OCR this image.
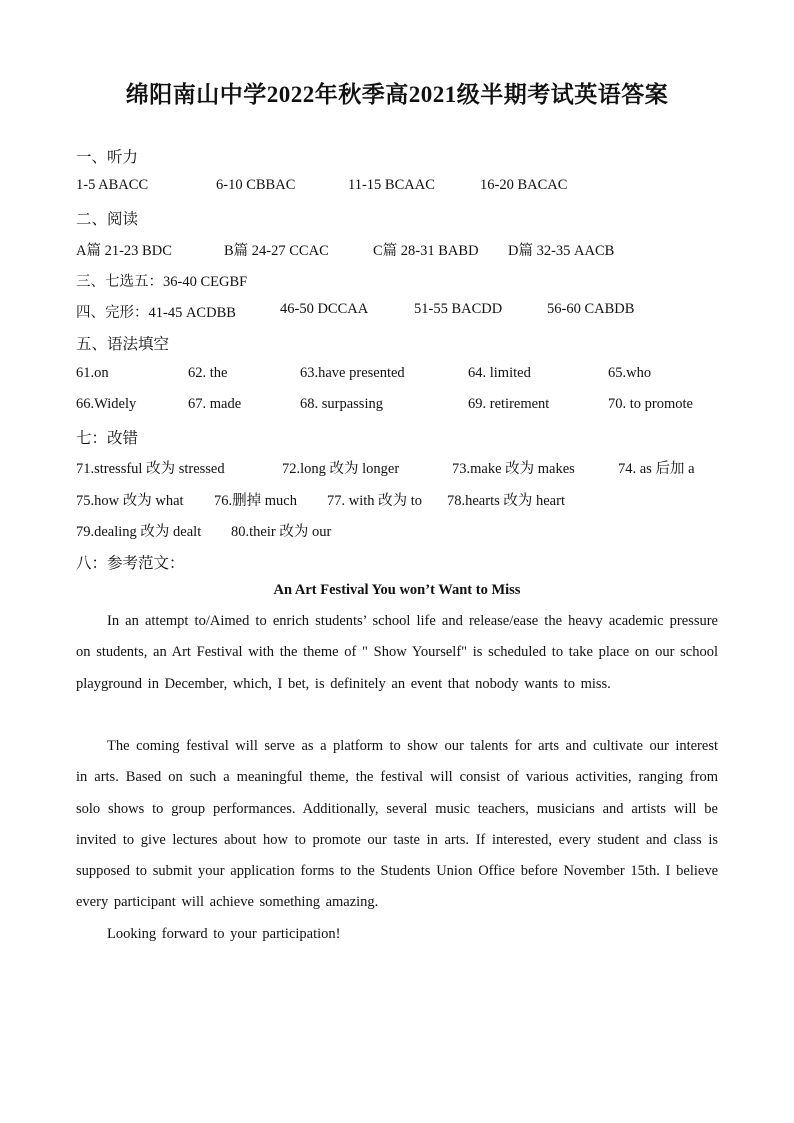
绵阳南山中学2022年秋季高2021级半期考试英语答案
一、听力
1-5 ABACC	6-10 CBBAC	11-15 BCAAC	16-20 BACAC
二、阅读
A篇 21-23 BDC	B篇 24-27 CCAC	C篇 28-31 BABD D篇 32-35 AACB
三、七选五：36-40 CEGBF
四、完形：41-45 ACDBB	46-50 DCCAA	51-55 BACDD	56-60 CABDB
五、语法填空
61.on	62. the	63.have presented	64. limited	65.who
66.Widely	67. made	68. surpassing	69. retirement	70. to promote
七：改错
71.stressful 改为 stressed	72.long 改为 longer	73.make 改为 makes	74. as 后加 a
75.how 改为 what 76.删掉 much 77. with 改为 to 78.hearts 改为 heart
79.dealing 改为 dealt 80.their 改为 our
八：参考范文：
An Art Festival You won’t Want to Miss
In an attempt to/Aimed to enrich students’ school life and release/ease the heavy academic pressure on students, an Art Festival with the theme of " Show Yourself" is scheduled to take place on our school playground in December, which, I bet, is definitely an event that nobody wants to miss.
The coming festival will serve as a platform to show our talents for arts and cultivate our interest in arts. Based on such a meaningful theme, the festival will consist of various activities, ranging from solo shows to group performances. Additionally, several music teachers, musicians and artists will be invited to give lectures about how to promote our taste in arts. If interested, every student and class is supposed to submit your application forms to the Students Union Office before November 15th. I believe every participant will achieve something amazing.
Looking forward to your participation!
